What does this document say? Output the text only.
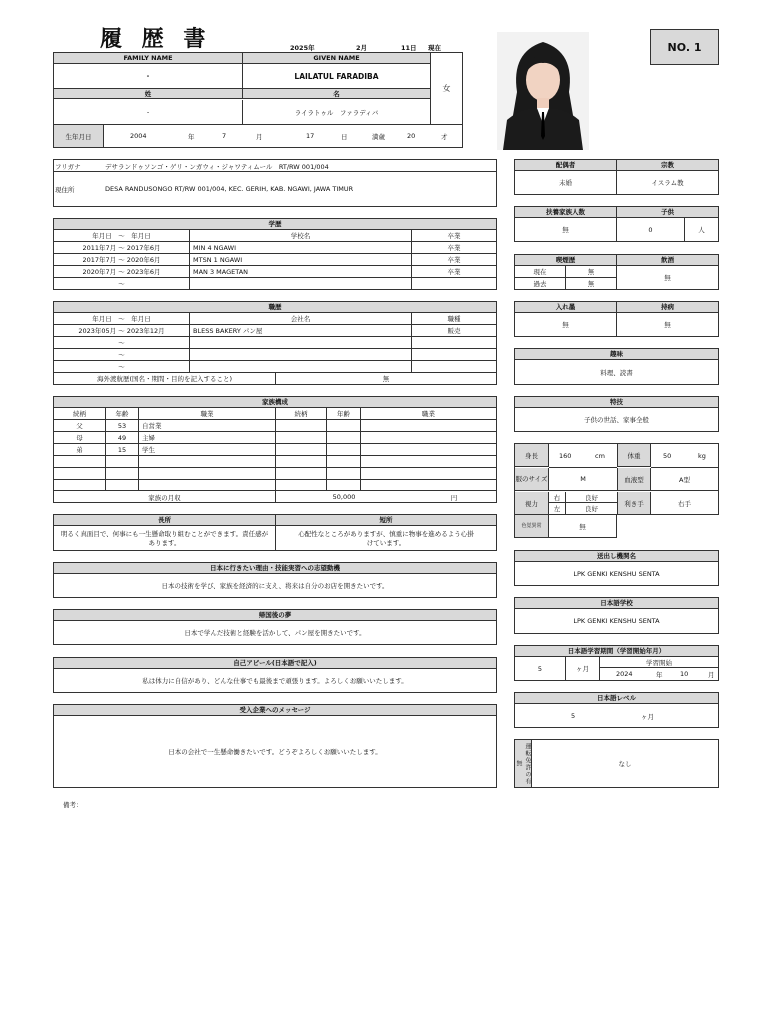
履 歴 書	2025年	2月	11日 現在	NO. 1
FAMILY NAME	GIVEN NAME
-	LAILATUL FARADIBA
姓	名
-	ライラトゥル　ファラディバ
女
生年月日	2004	年	7	月	17	日	満歳	20	才
フリガナ	デサランドゥソンゴ・ゲリ・ンガウィ・ジャワティムール　RT/RW 001/004
現住所	DESA RANDUSONGO RT/RW 001/004, KEC. GERIH, KAB. NGAWI, JAWA TIMUR
学歴
年月日　～　年月日	学校名	卒業
2011年7月 ～ 2017年6月	MIN 4 NGAWI	卒業
2017年7月 ～ 2020年6月	MTSN 1 NGAWI	卒業
2020年7月 ～ 2023年6月	MAN 3 MAGETAN	卒業
～
職歴
年月日　～　年月日	会社名	職種
2023年05月 ～ 2023年12月	BLESS BAKERY パン屋	販売
～
～
～
海外渡航歴(国名・期間・目的を記入すること)	無
家族構成
続柄	年齢	職業	続柄	年齢	職業
父	53	自営業
母	49	主婦
弟	15	学生
家族の月収	50,000	円
長所	短所
明るく真面目で、何事にも一生懸命取り組むことができます。責任感があります。
心配性なところがありますが、慎重に物事を進めるよう心掛けています。
日本に行きたい理由・技能実習への志望動機
日本の技術を学び、家族を経済的に支え、将来は自分のお店を開きたいです。
帰国後の夢
日本で学んだ技術と経験を活かして、パン屋を開きたいです。
自己アピール(日本語で記入)
私は体力に自信があり、どんな仕事でも最後まで頑張ります。よろしくお願いいたします。
受入企業へのメッセージ
日本の会社で一生懸命働きたいです。どうぞよろしくお願いいたします。
備考：
配偶者	宗教
未婚	イスラム教
扶養家族人数	子供
無	0	人
喫煙歴	飲酒
現在	無
過去	無
無
入れ墨	持病
無	無
趣味
料理、読書
特技
子供の世話、家事全般
身長	160	cm	体重	50	kg
服のサイズ	M	血液型	A型
視力
右	良好
左	良好
利き手	右手
色覚異常	無
送出し機関名
LPK GENKI KENSHU SENTA
日本語学校
LPK GENKI KENSHU SENTA
日本語学習期間（学習開始年月）
5	ヶ月
学習開始
2024	年	10	月
日本語レベル
5	ヶ月
運転免許の有無	なし
